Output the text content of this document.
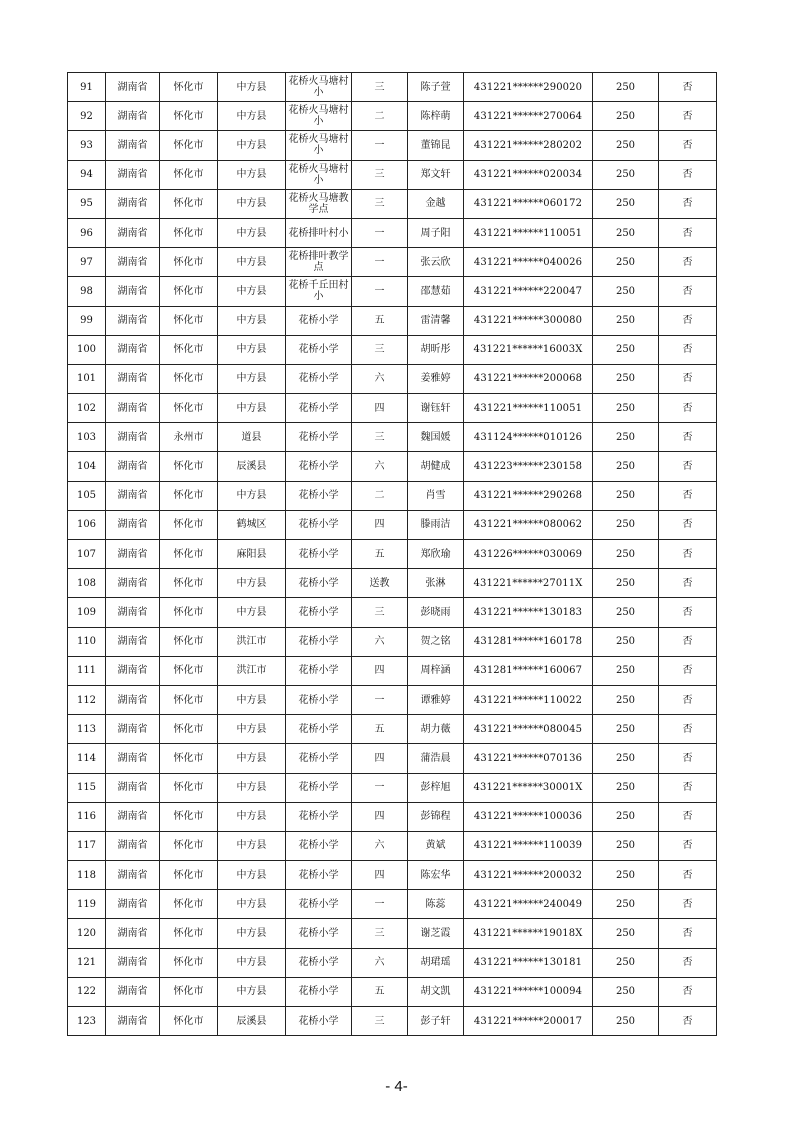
91	湖南省	怀化市	中方县	花桥火马塘村小	三	陈子萱	431221******290020	250	否
92	湖南省	怀化市	中方县	花桥火马塘村小	二	陈梓萌	431221******270064	250	否
93	湖南省	怀化市	中方县	花桥火马塘村小	一	董锦昆	431221******280202	250	否
94	湖南省	怀化市	中方县	花桥火马塘村小	三	郑文轩	431221******020034	250	否
95	湖南省	怀化市	中方县	花桥火马塘教学点	三	金越	431221******060172	250	否
96	湖南省	怀化市	中方县	花桥排叶村小	一	周子阳	431221******110051	250	否
97	湖南省	怀化市	中方县	花桥排叶教学点	一	张云欣	431221******040026	250	否
98	湖南省	怀化市	中方县	花桥千丘田村小	一	邵慧茹	431221******220047	250	否
99	湖南省	怀化市	中方县	花桥小学	五	雷清馨	431221******300080	250	否
100	湖南省	怀化市	中方县	花桥小学	三	胡昕彤	431221******16003X	250	否
101	湖南省	怀化市	中方县	花桥小学	六	姜雅婷	431221******200068	250	否
102	湖南省	怀化市	中方县	花桥小学	四	谢钰轩	431221******110051	250	否
103	湖南省	永州市	道县	花桥小学	三	魏国媛	431124******010126	250	否
104	湖南省	怀化市	辰溪县	花桥小学	六	胡健成	431223******230158	250	否
105	湖南省	怀化市	中方县	花桥小学	二	肖雪	431221******290268	250	否
106	湖南省	怀化市	鹤城区	花桥小学	四	滕雨洁	431221******080062	250	否
107	湖南省	怀化市	麻阳县	花桥小学	五	郑欣瑜	431226******030069	250	否
108	湖南省	怀化市	中方县	花桥小学	送教	张淋	431221******27011X	250	否
109	湖南省	怀化市	中方县	花桥小学	三	彭晓雨	431221******130183	250	否
110	湖南省	怀化市	洪江市	花桥小学	六	贺之铭	431281******160178	250	否
111	湖南省	怀化市	洪江市	花桥小学	四	周梓涵	431281******160067	250	否
112	湖南省	怀化市	中方县	花桥小学	一	谭雅婷	431221******110022	250	否
113	湖南省	怀化市	中方县	花桥小学	五	胡力薇	431221******080045	250	否
114	湖南省	怀化市	中方县	花桥小学	四	蒲浩晨	431221******070136	250	否
115	湖南省	怀化市	中方县	花桥小学	一	彭梓旭	431221******30001X	250	否
116	湖南省	怀化市	中方县	花桥小学	四	彭锦程	431221******100036	250	否
117	湖南省	怀化市	中方县	花桥小学	六	黄斌	431221******110039	250	否
118	湖南省	怀化市	中方县	花桥小学	四	陈宏华	431221******200032	250	否
119	湖南省	怀化市	中方县	花桥小学	一	陈蕊	431221******240049	250	否
120	湖南省	怀化市	中方县	花桥小学	三	谢芝霞	431221******19018X	250	否
121	湖南省	怀化市	中方县	花桥小学	六	胡珺瑶	431221******130181	250	否
122	湖南省	怀化市	中方县	花桥小学	五	胡文凯	431221******100094	250	否
123	湖南省	怀化市	辰溪县	花桥小学	三	彭子轩	431221******200017	250	否
- 4-
